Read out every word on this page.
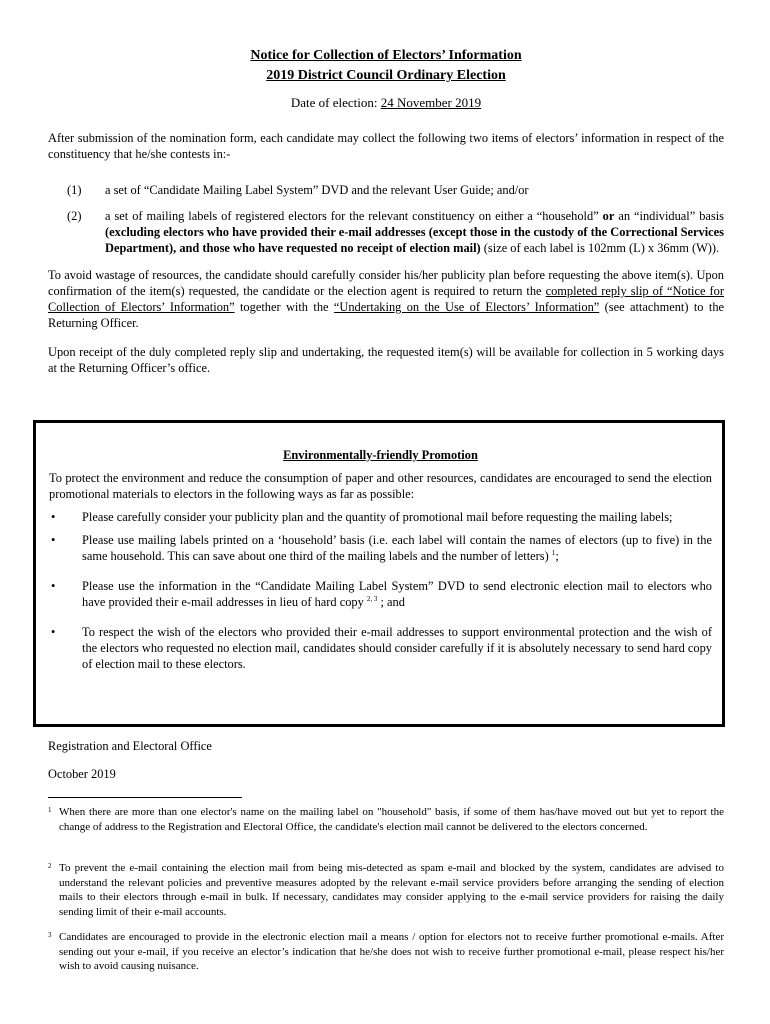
Notice for Collection of Electors’ Information
2019 District Council Ordinary Election
Date of election: 24 November 2019

After submission of the nomination form, each candidate may collect the following two items of electors’ information in respect of the constituency that he/she contests in:-

(1)	a set of “Candidate Mailing Label System” DVD and the relevant User Guide; and/or
(2)	a set of mailing labels of registered electors for the relevant constituency on either a “household” or an “individual” basis (excluding electors who have provided their e-mail addresses (except those in the custody of the Correctional Services Department), and those who have requested no receipt of election mail) (size of each label is 102mm (L) x 36mm (W)).

To avoid wastage of resources, the candidate should carefully consider his/her publicity plan before requesting the above item(s). Upon confirmation of the item(s) requested, the candidate or the election agent is required to return the completed reply slip of “Notice for Collection of Electors’ Information” together with the “Undertaking on the Use of Electors’ Information” (see attachment) to the Returning Officer.

Upon receipt of the duly completed reply slip and undertaking, the requested item(s) will be available for collection in 5 working days at the Returning Officer’s office.

Environmentally-friendly Promotion

To protect the environment and reduce the consumption of paper and other resources, candidates are encouraged to send the election promotional materials to electors in the following ways as far as possible:

•	Please carefully consider your publicity plan and the quantity of promotional mail before requesting the mailing labels;
•	Please use mailing labels printed on a ‘household’ basis (i.e. each label will contain the names of electors (up to five) in the same household. This can save about one third of the mailing labels and the number of letters) $^1$;
•	Please use the information in the “Candidate Mailing Label System” DVD to send electronic election mail to electors who have provided their e-mail addresses in lieu of hard copy $^{2, 3}$ ; and
•	To respect the wish of the electors who provided their e-mail addresses to support environmental protection and the wish of the electors who requested no election mail, candidates should consider carefully if it is absolutely necessary to send hard copy of election mail to these electors.
Registration and Electoral Office
October 2019
1 When there are more than one elector's name on the mailing label on "household" basis, if some of them has/have moved out but yet to report the change of address to the Registration and Electoral Office, the candidate's election mail cannot be delivered to the electors concerned.
2 To prevent the e-mail containing the election mail from being mis-detected as spam e-mail and blocked by the system, candidates are advised to understand the relevant policies and preventive measures adopted by the relevant e-mail service providers before arranging the sending of election mails to their electors through e-mail in bulk. If necessary, candidates may consider applying to the e-mail service providers for raising the daily sending limit of their e-mail accounts.
3 Candidates are encouraged to provide in the electronic election mail a means / option for electors not to receive further promotional e-mails. After sending out your e-mail, if you receive an elector’s indication that he/she does not wish to receive further promotional e-mail, please respect his/her wish to avoid causing nuisance.
